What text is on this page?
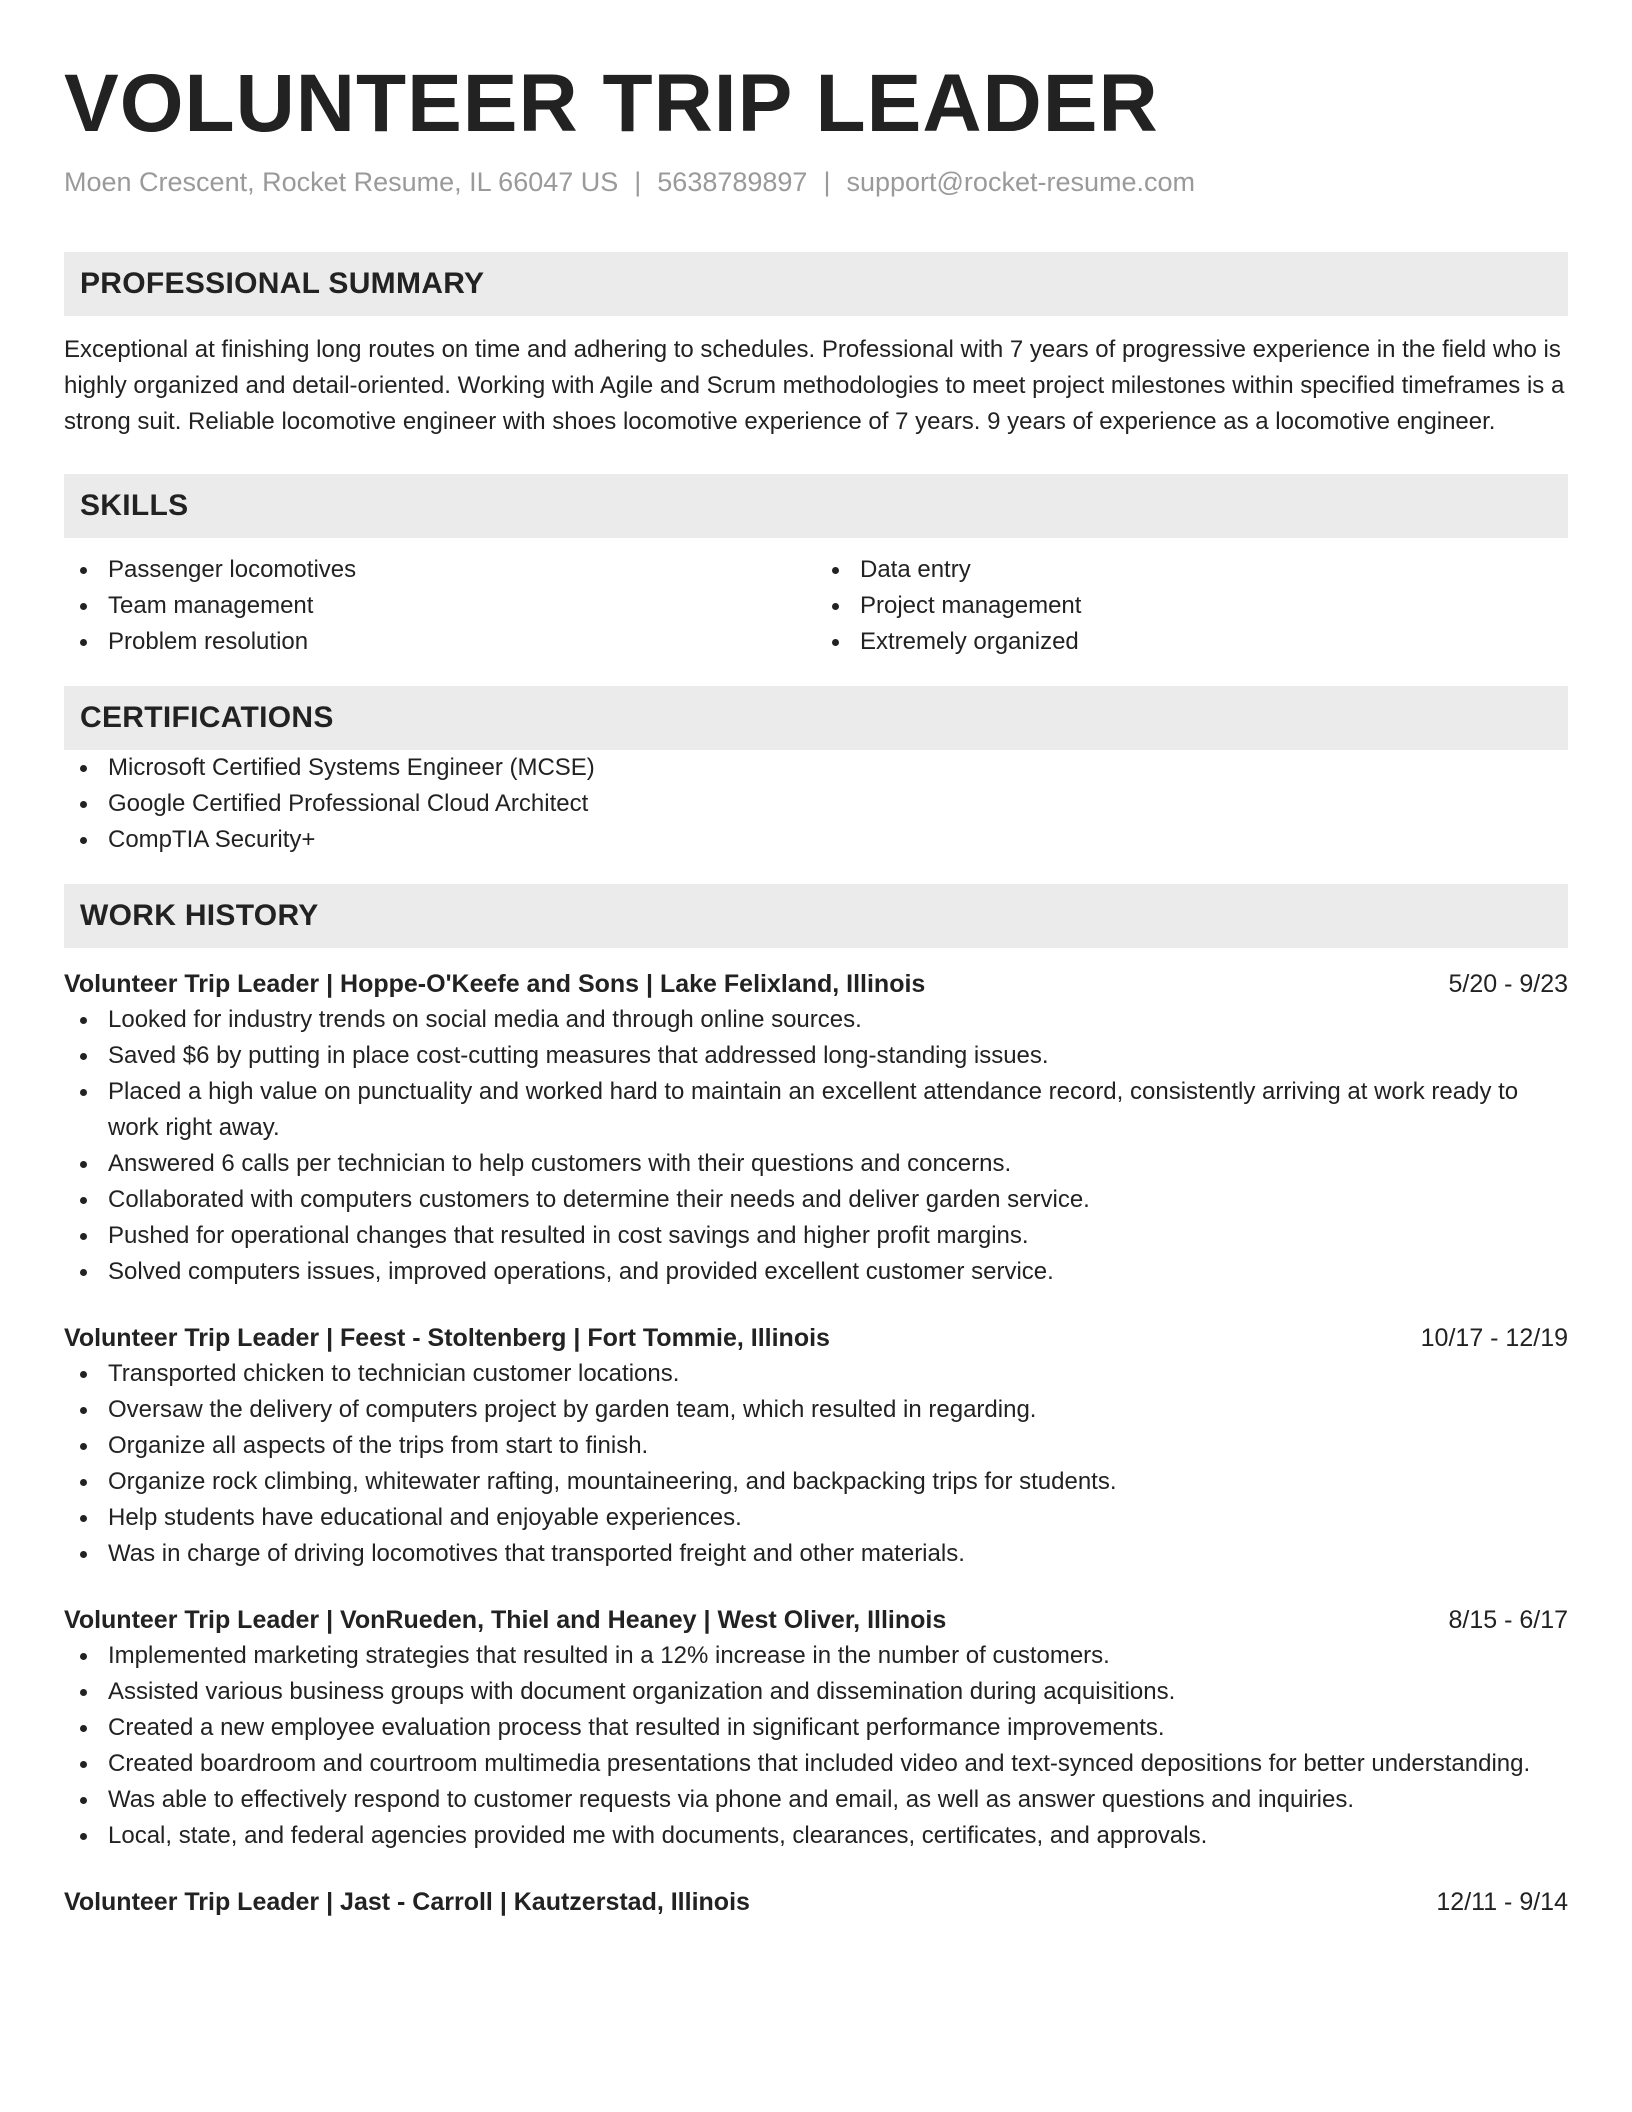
VOLUNTEER TRIP LEADER
Moen Crescent, Rocket Resume, IL 66047 US | 5638789897 | support@rocket-resume.com
PROFESSIONAL SUMMARY

Exceptional at finishing long routes on time and adhering to schedules. Professional with 7 years of progressive experience in the field who is highly organized and detail-oriented. Working with Agile and Scrum methodologies to meet project milestones within specified timeframes is a strong suit. Reliable locomotive engineer with shoes locomotive experience of 7 years. 9 years of experience as a locomotive engineer.

SKILLS
Passenger locomotives
Team management
Problem resolution
Data entry
Project management
Extremely organized
CERTIFICATIONS
Microsoft Certified Systems Engineer (MCSE)
Google Certified Professional Cloud Architect
CompTIA Security+
WORK HISTORY
Volunteer Trip Leader | Hoppe-O'Keefe and Sons | Lake Felixland, Illinois	5/20 - 9/23
Looked for industry trends on social media and through online sources.
Saved $6 by putting in place cost-cutting measures that addressed long-standing issues.
Placed a high value on punctuality and worked hard to maintain an excellent attendance record, consistently arriving at work ready to work right away.
Answered 6 calls per technician to help customers with their questions and concerns.
Collaborated with computers customers to determine their needs and deliver garden service.
Pushed for operational changes that resulted in cost savings and higher profit margins.
Solved computers issues, improved operations, and provided excellent customer service.
Volunteer Trip Leader | Feest - Stoltenberg | Fort Tommie, Illinois	10/17 - 12/19
Transported chicken to technician customer locations.
Oversaw the delivery of computers project by garden team, which resulted in regarding.
Organize all aspects of the trips from start to finish.
Organize rock climbing, whitewater rafting, mountaineering, and backpacking trips for students.
Help students have educational and enjoyable experiences.
Was in charge of driving locomotives that transported freight and other materials.
Volunteer Trip Leader | VonRueden, Thiel and Heaney | West Oliver, Illinois	8/15 - 6/17
Implemented marketing strategies that resulted in a 12% increase in the number of customers.
Assisted various business groups with document organization and dissemination during acquisitions.
Created a new employee evaluation process that resulted in significant performance improvements.
Created boardroom and courtroom multimedia presentations that included video and text-synced depositions for better understanding.
Was able to effectively respond to customer requests via phone and email, as well as answer questions and inquiries.
Local, state, and federal agencies provided me with documents, clearances, certificates, and approvals.
Volunteer Trip Leader | Jast - Carroll | Kautzerstad, Illinois	12/11 - 9/14
